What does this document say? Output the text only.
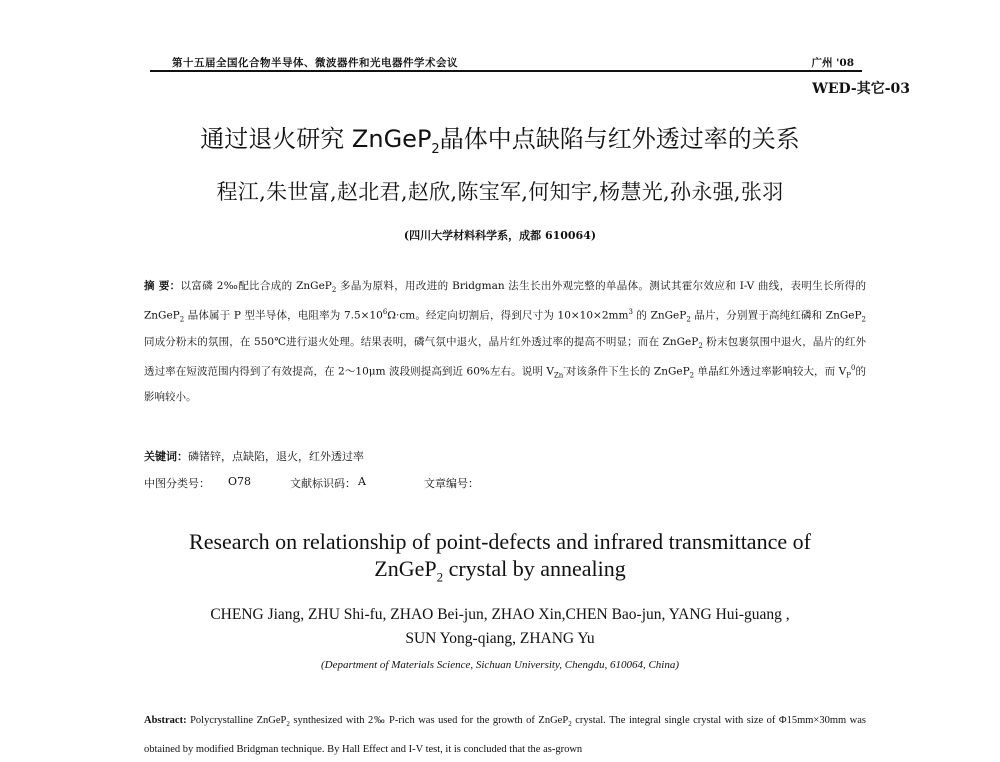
第十五届全国化合物半导体、微波器件和光电器件学术会议	广州 '08
WED-其它-03
通过退火研究 ZnGeP$_2$晶体中点缺陷与红外透过率的关系
程江,朱世富,赵北君,赵欣,陈宝军,何知宇,杨慧光,孙永强,张羽
(四川大学材料科学系，成都 610064)
摘 要：以富磷 2‰配比合成的 ZnGeP$_2$ 多晶为原料，用改进的 Bridgman 法生长出外观完整的单晶体。测试其霍尔效应和 I-V 曲线，表明生长所得的 ZnGeP$_2$ 晶体属于 P 型半导体，电阻率为 $7.5\times 10^6\Omega\cdot cm$。经定向切割后，得到尺寸为 $10\times 10\times 2mm^3$ 的 ZnGeP$_2$ 晶片，分别置于高纯红磷和 ZnGeP$_2$ 同成分粉末的氛围，在 550℃进行退火处理。结果表明，磷气氛中退火，晶片红外透过率的提高不明显；而在 ZnGeP$_2$ 粉末包裹氛围中退火，晶片的红外透过率在短波范围内得到了有效提高，在 2～10μm 波段则提高到近 60%左右。说明 $V_{Zn}^-$对该条件下生长的 ZnGeP$_2$ 单晶红外透过率影响较大，而 $V_P^0$的影响较小。
关键词：磷锗锌，点缺陷，退火，红外透过率
中图分类号： O78	文献标识码： A	文章编号：
Research on relationship of point-defects and infrared transmittance of
ZnGeP$_2$ crystal by annealing
CHENG Jiang, ZHU Shi-fu, ZHAO Bei-jun, ZHAO Xin,CHEN Bao-jun, YANG Hui-guang ,
SUN Yong-qiang, ZHANG Yu
(Department of Materials Science, Sichuan University, Chengdu, 610064, China)
Abstract: Polycrystalline ZnGeP$_2$ synthesized with 2‰ P-rich was used for the growth of ZnGeP$_2$ crystal. The integral single crystal with size of Φ15mm×30mm was obtained by modified Bridgman technique. By Hall Effect and I-V test, it is concluded that the as-grown
